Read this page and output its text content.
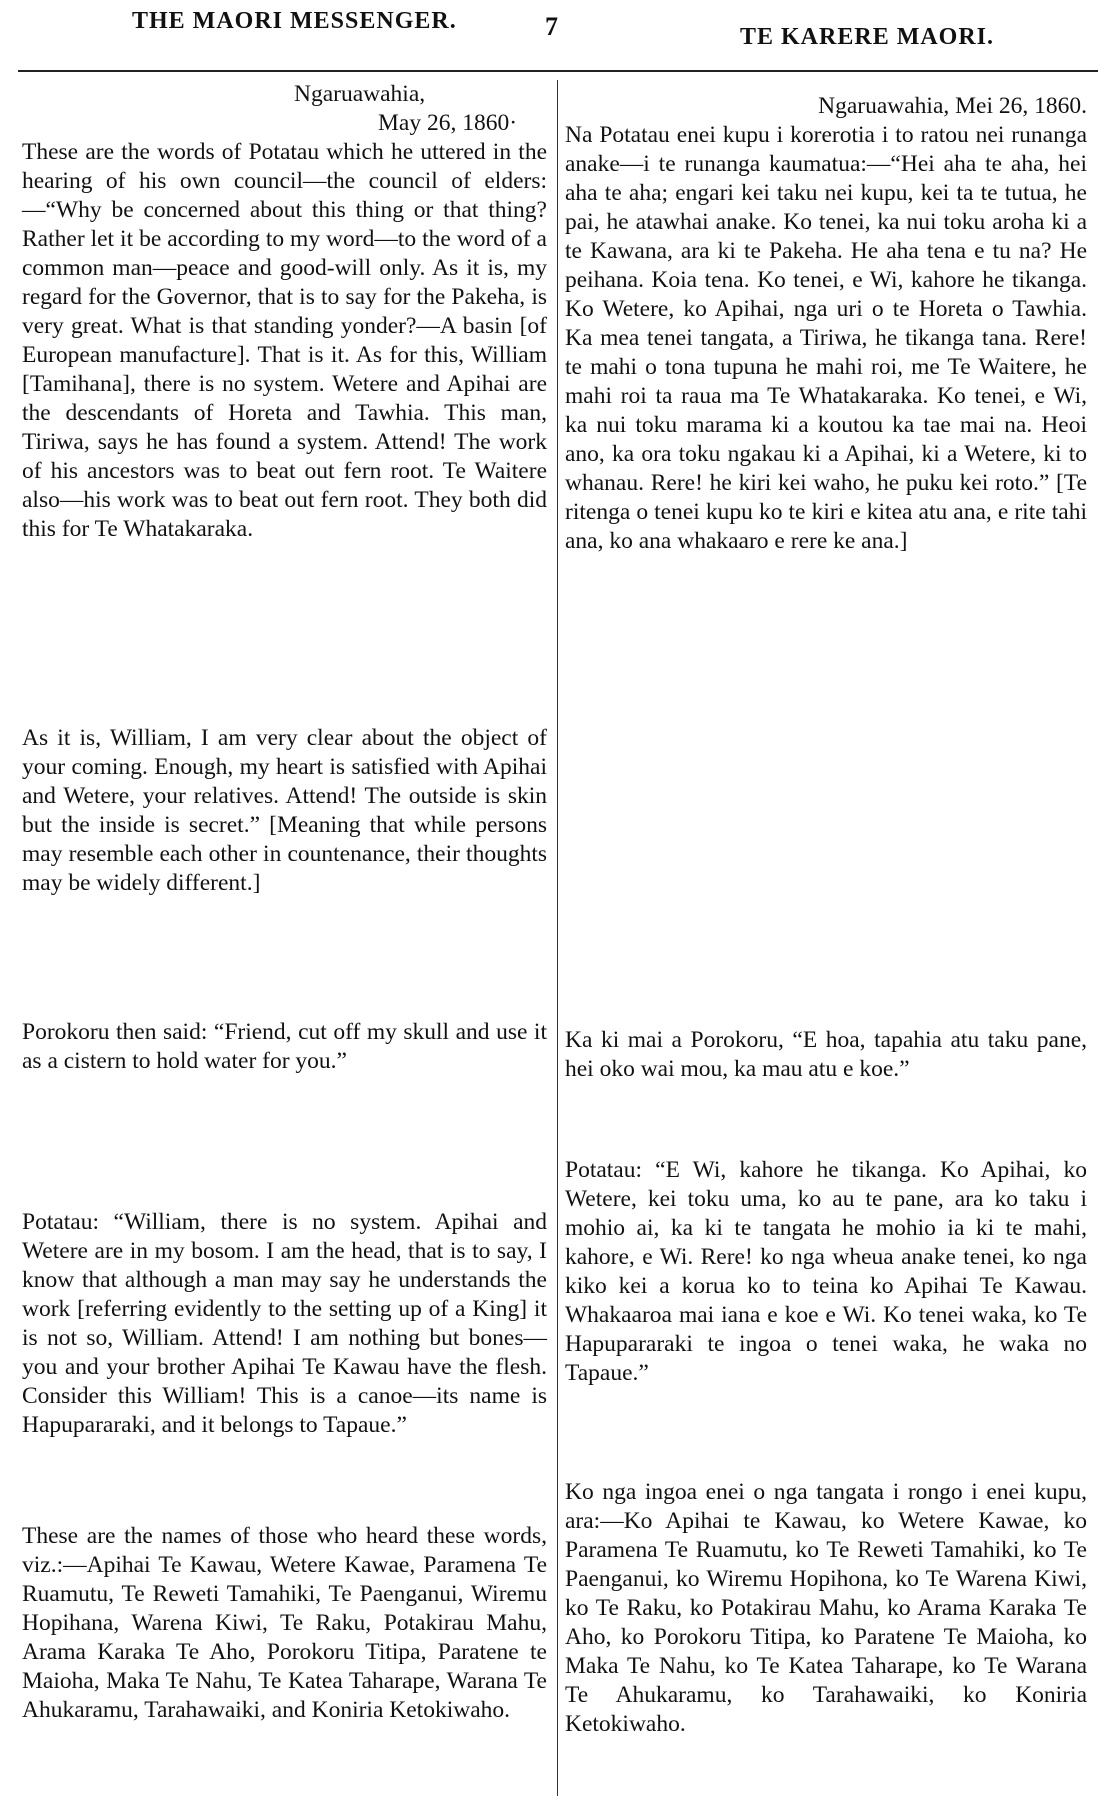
THE MAORI MESSENGER.	7	TE KARERE MAORI.
Ngaruawahia,
May 26, 1860·
These are the words of Potatau which he uttered in the hearing of his own council—the council of elders:—“Why be concerned about this thing or that thing? Rather let it be according to my word—to the word of a common man—peace and good-will only. As it is, my regard for the Governor, that is to say for the Pakeha, is very great. What is that standing yonder?—A basin [of European manufacture]. That is it. As for this, William [Tamihana], there is no system. Wetere and Apihai are the descendants of Horeta and Tawhia. This man, Tiriwa, says he has found a system. Attend! The work of his ancestors was to beat out fern root. Te Waitere also—his work was to beat out fern root. They both did this for Te Whatakaraka.
As it is, William, I am very clear about the object of your coming. Enough, my heart is satisfied with Apihai and Wetere, your relatives. Attend! The outside is skin but the inside is secret.” [Meaning that while persons may resemble each other in countenance, their thoughts may be widely different.]
Porokoru then said: “Friend, cut off my skull and use it as a cistern to hold water for you.”
Potatau: “William, there is no system. Apihai and Wetere are in my bosom. I am the head, that is to say, I know that although a man may say he understands the work [referring evidently to the setting up of a King] it is not so, William. Attend! I am nothing but bones—you and your brother Apihai Te Kawau have the flesh. Consider this William! This is a canoe—its name is Hapupararaki, and it belongs to Tapaue.”
These are the names of those who heard these words, viz.:—Apihai Te Kawau, Wetere Kawae, Paramena Te Ruamutu, Te Reweti Tamahiki, Te Paenganui, Wiremu Hopihana, Warena Kiwi, Te Raku, Potakirau Mahu, Arama Karaka Te Aho, Porokoru Titipa, Paratene te Maioha, Maka Te Nahu, Te Katea Taharape, Warana Te Ahukaramu, Tarahawaiki, and Koniria Ketokiwaho.
Ngaruawahia, Mei 26, 1860.
Na Potatau enei kupu i korerotia i to ratou nei runanga anake—i te runanga kaumatua:—“Hei aha te aha, hei aha te aha; engari kei taku nei kupu, kei ta te tutua, he pai, he atawhai anake. Ko tenei, ka nui toku aroha ki a te Kawana, ara ki te Pakeha. He aha tena e tu na? He peihana. Koia tena. Ko tenei, e Wi, kahore he tikanga. Ko Wetere, ko Apihai, nga uri o te Horeta o Tawhia. Ka mea tenei tangata, a Tiriwa, he tikanga tana. Rere! te mahi o tona tupuna he mahi roi, me Te Waitere, he mahi roi ta raua ma Te Whatakaraka. Ko tenei, e Wi, ka nui toku marama ki a koutou ka tae mai na. Heoi ano, ka ora toku ngakau ki a Apihai, ki a Wetere, ki to whanau. Rere! he kiri kei waho, he puku kei roto.” [Te ritenga o tenei kupu ko te kiri e kitea atu ana, e rite tahi ana, ko ana whakaaro e rere ke ana.]
Ka ki mai a Porokoru, “E hoa, tapahia atu taku pane, hei oko wai mou, ka mau atu e koe.”
Potatau: “E Wi, kahore he tikanga. Ko Apihai, ko Wetere, kei toku uma, ko au te pane, ara ko taku i mohio ai, ka ki te tangata he mohio ia ki te mahi, kahore, e Wi. Rere! ko nga wheua anake tenei, ko nga kiko kei a korua ko to teina ko Apihai Te Kawau. Whakaaroa mai iana e koe e Wi. Ko tenei waka, ko Te Hapupararaki te ingoa o tenei waka, he waka no Tapaue.”
Ko nga ingoa enei o nga tangata i rongo i enei kupu, ara:—Ko Apihai te Kawau, ko Wetere Kawae, ko Paramena Te Ruamutu, ko Te Reweti Tamahiki, ko Te Paenganui, ko Wiremu Hopihona, ko Te Warena Kiwi, ko Te Raku, ko Potakirau Mahu, ko Arama Karaka Te Aho, ko Porokoru Titipa, ko Paratene Te Maioha, ko Maka Te Nahu, ko Te Katea Taharape, ko Te Warana Te Ahukaramu, ko Tarahawaiki, ko Koniria Ketokiwaho.
